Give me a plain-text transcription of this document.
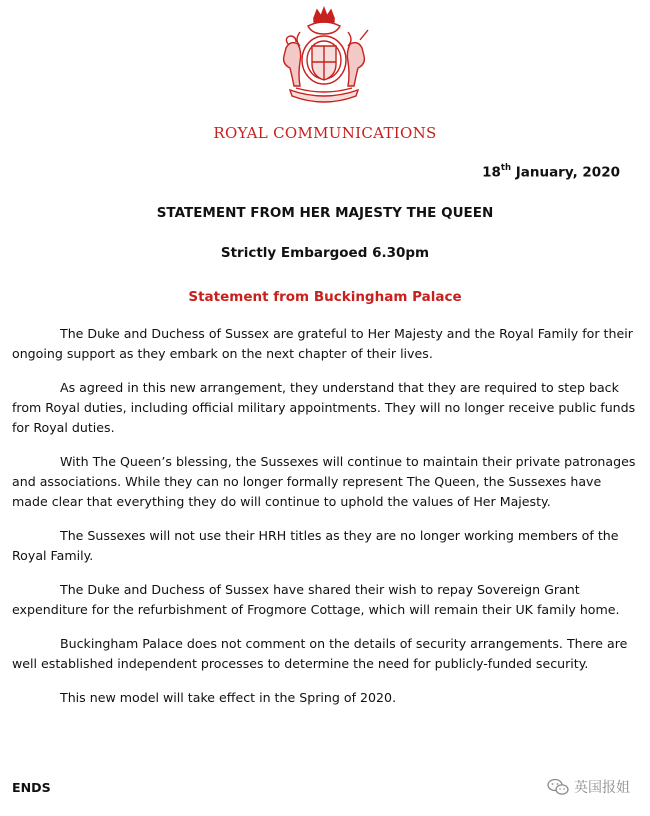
ROYAL COMMUNICATIONS
18th January, 2020
STATEMENT FROM HER MAJESTY THE QUEEN
Strictly Embargoed 6.30pm
Statement from Buckingham Palace

The Duke and Duchess of Sussex are grateful to Her Majesty and the Royal Family for their ongoing support as they embark on the next chapter of their lives.

As agreed in this new arrangement, they understand that they are required to step back from Royal duties, including official military appointments. They will no longer receive public funds for Royal duties.

With The Queen’s blessing, the Sussexes will continue to maintain their private patronages and associations. While they can no longer formally represent The Queen, the Sussexes have made clear that everything they do will continue to uphold the values of Her Majesty.

The Sussexes will not use their HRH titles as they are no longer working members of the Royal Family.

The Duke and Duchess of Sussex have shared their wish to repay Sovereign Grant expenditure for the refurbishment of Frogmore Cottage, which will remain their UK family home.

Buckingham Palace does not comment on the details of security arrangements. There are well established independent processes to determine the need for publicly-funded security.

This new model will take effect in the Spring of 2020.

ENDS	英国报姐
